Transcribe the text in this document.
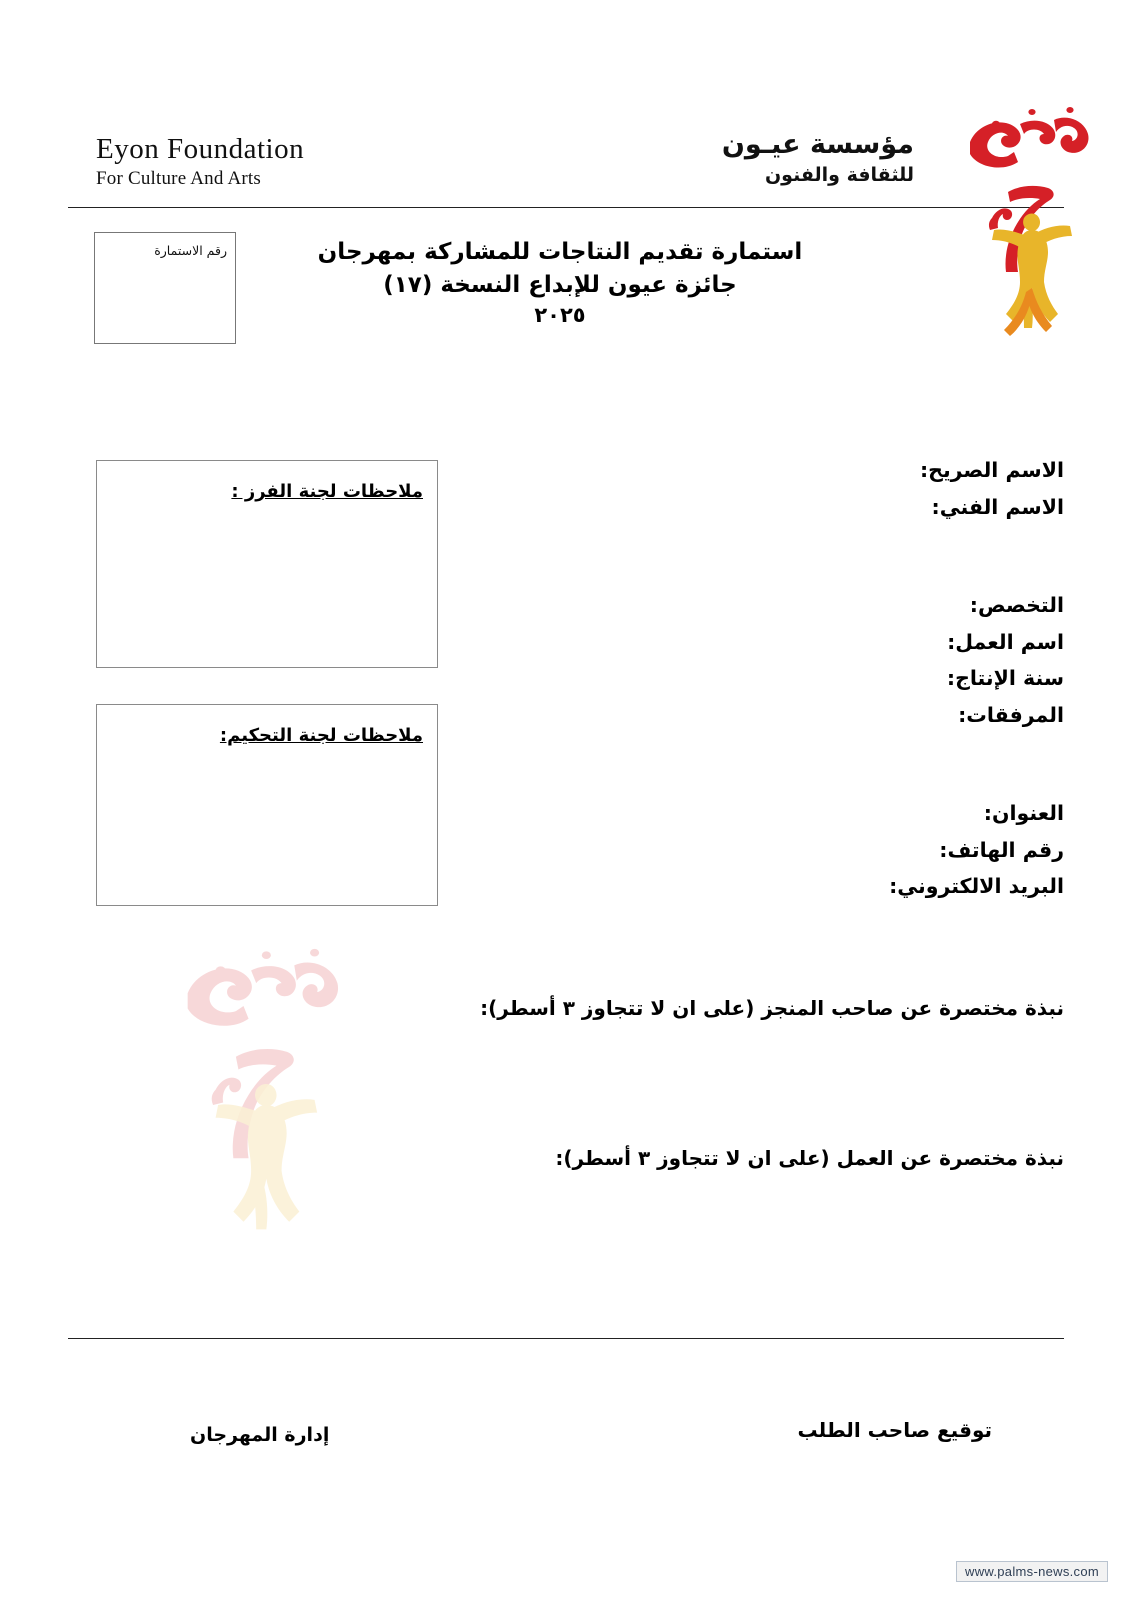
Eyon Foundation
For Culture And Arts
مؤسسة عيـون
للثقافة والفنون
رقم الاستمارة	استمارة تقديم النتاجات للمشاركة بمهرجان
جائزة عيون للإبداع النسخة (١٧)
٢٠٢٥
الاسم الصريح:
الاسم الفني:
التخصص:
اسم العمل:
سنة الإنتاج:
المرفقات:
العنوان:
رقم الهاتف:
البريد الالكتروني:
ملاحظات لجنة الفرز :
ملاحظات لجنة التحكيم:
نبذة مختصرة عن صاحب المنجز (على ان لا تتجاوز ٣ أسطر):
نبذة مختصرة عن العمل (على ان لا تتجاوز ٣ أسطر):
توقيع صاحب الطلب
إدارة المهرجان
www.palms-news.com
